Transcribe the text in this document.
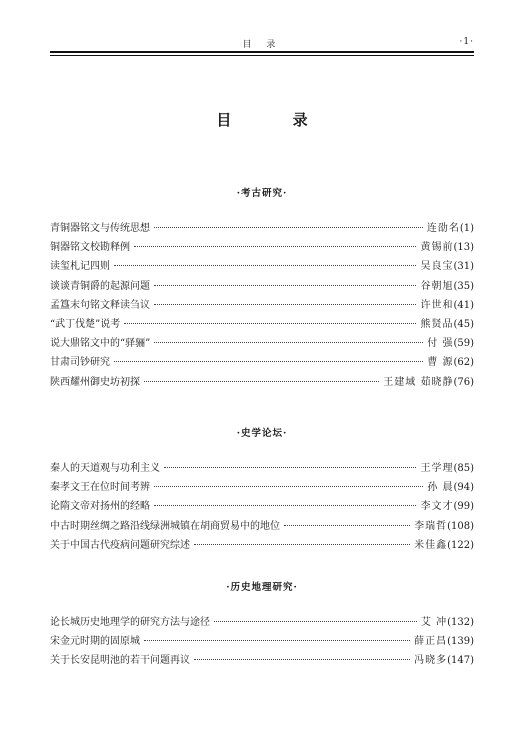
目 录	·1·
目 录
·考古研究·
青铜器铭文与传统思想	连劭名 (1)
铜器铭文校勘释例	黄锡前 (13)
读玺札记四则	吴良宝 (31)
谈谈青铜爵的起源问题	谷朝旭 (35)
孟簋末句铭文释读刍议	许世和 (41)
“武丁伐楚”说考	熊贤品 (45)
说大鼎铭文中的“驿骊”	付 强 (59)
甘肃司钞研究	曹 源 (62)
陕西耀州御史坊初探	王建域 茹晓静 (76)
·史学论坛·
秦人的天道观与功利主义	王学理 (85)
秦孝文王在位时间考辨	孙 晨 (94)
论隋文帝对扬州的经略	李文才 (99)
中古时期丝绸之路沿线绿洲城镇在胡商贸易中的地位	李瑞哲 (108)
关于中国古代疫病问题研究综述	米佳鑫 (122)
·历史地理研究·
论长城历史地理学的研究方法与途径	艾 冲 (132)
宋金元时期的固原城	薛正昌 (139)
关于长安昆明池的若干问题再议	冯晓多 (147)
